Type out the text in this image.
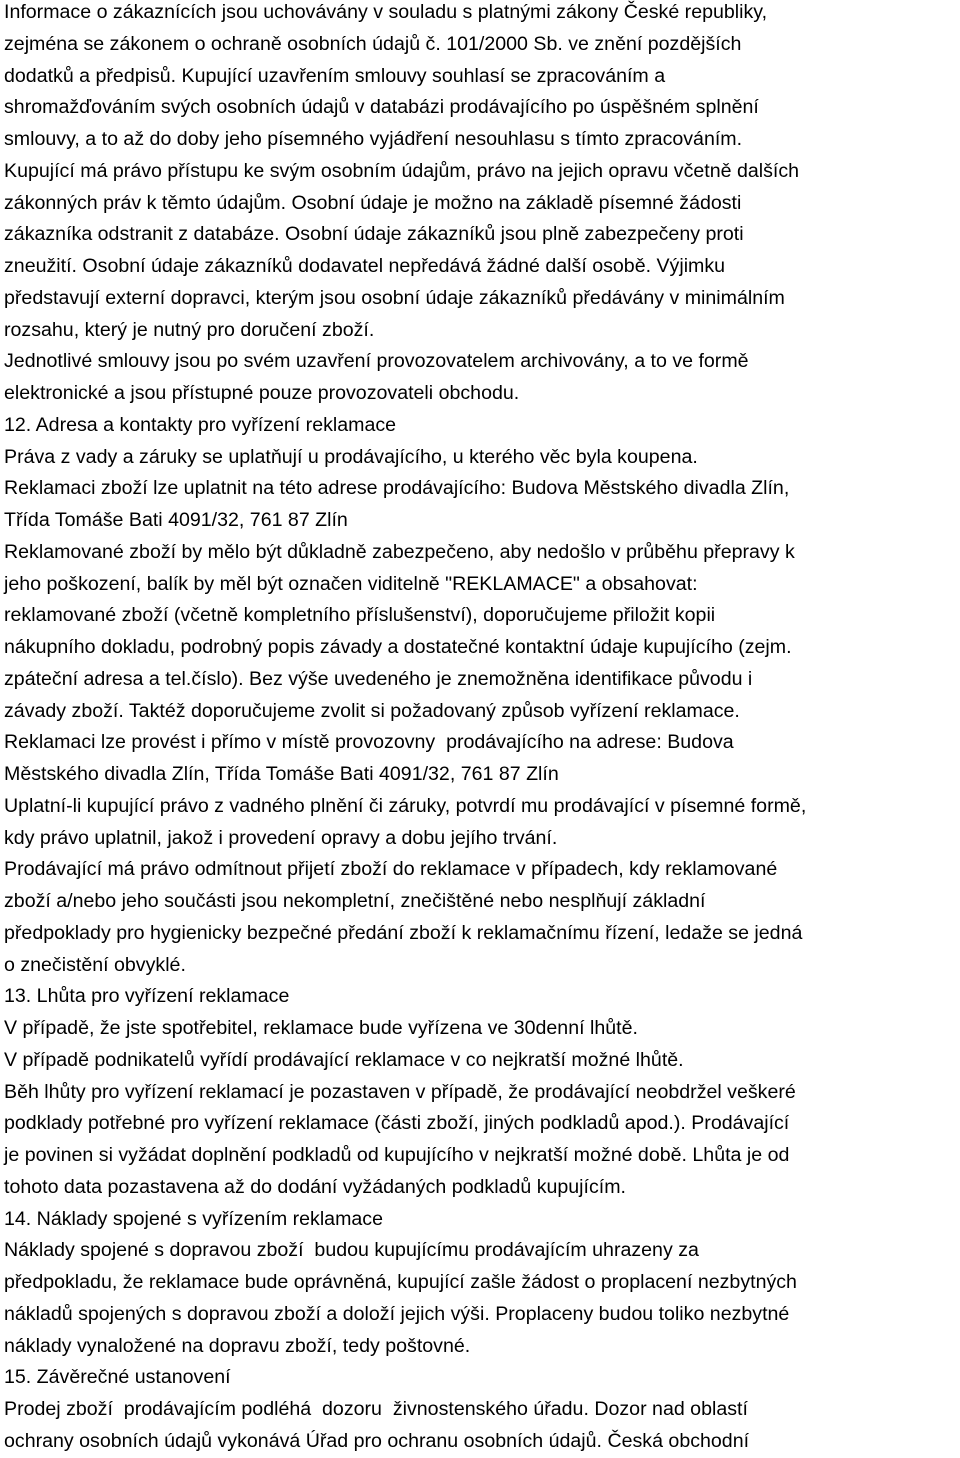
Informace o zákaznících jsou uchovávány v souladu s platnými zákony České republiky,

zejména se zákonem o ochraně osobních údajů č. 101/2000 Sb. ve znění pozdějších

dodatků a předpisů. Kupující uzavřením smlouvy souhlasí se zpracováním a

shromažďováním svých osobních údajů v databázi prodávajícího po úspěšném splnění

smlouvy, a to až do doby jeho písemného vyjádření nesouhlasu s tímto zpracováním.

Kupující má právo přístupu ke svým osobním údajům, právo na jejich opravu včetně dalších

zákonných práv k těmto údajům. Osobní údaje je možno na základě písemné žádosti

zákazníka odstranit z databáze. Osobní údaje zákazníků jsou plně zabezpečeny proti

zneužití. Osobní údaje zákazníků dodavatel nepředává žádné další osobě. Výjimku

představují externí dopravci, kterým jsou osobní údaje zákazníků předávány v minimálním

rozsahu, který je nutný pro doručení zboží.

Jednotlivé smlouvy jsou po svém uzavření provozovatelem archivovány, a to ve formě

elektronické a jsou přístupné pouze provozovateli obchodu.

12. Adresa a kontakty pro vyřízení reklamace

Práva z vady a záruky se uplatňují u prodávajícího, u kterého věc byla koupena.

Reklamaci zboží lze uplatnit na této adrese prodávajícího: Budova Městského divadla Zlín,

Třída Tomáše Bati 4091/32, 761 87 Zlín

Reklamované zboží by mělo být důkladně zabezpečeno, aby nedošlo v průběhu přepravy k

jeho poškození, balík by měl být označen viditelně "REKLAMACE" a obsahovat:

reklamované zboží (včetně kompletního příslušenství), doporučujeme přiložit kopii

nákupního dokladu, podrobný popis závady a dostatečné kontaktní údaje kupujícího (zejm.

zpáteční adresa a tel.číslo). Bez výše uvedeného je znemožněna identifikace původu i

závady zboží. Taktéž doporučujeme zvolit si požadovaný způsob vyřízení reklamace.

Reklamaci lze provést i přímo v místě provozovny  prodávajícího na adrese: Budova

Městského divadla Zlín, Třída Tomáše Bati 4091/32, 761 87 Zlín

Uplatní-li kupující právo z vadného plnění či záruky, potvrdí mu prodávající v písemné formě,

kdy právo uplatnil, jakož i provedení opravy a dobu jejího trvání.

Prodávající má právo odmítnout přijetí zboží do reklamace v případech, kdy reklamované

zboží a/nebo jeho součásti jsou nekompletní, znečištěné nebo nesplňují základní

předpoklady pro hygienicky bezpečné předání zboží k reklamačnímu řízení, ledaže se jedná

o znečistění obvyklé.

13. Lhůta pro vyřízení reklamace

V případě, že jste spotřebitel, reklamace bude vyřízena ve 30denní lhůtě.

V případě podnikatelů vyřídí prodávající reklamace v co nejkratší možné lhůtě.

Běh lhůty pro vyřízení reklamací je pozastaven v případě, že prodávající neobdržel veškeré

podklady potřebné pro vyřízení reklamace (části zboží, jiných podkladů apod.). Prodávající

je povinen si vyžádat doplnění podkladů od kupujícího v nejkratší možné době. Lhůta je od

tohoto data pozastavena až do dodání vyžádaných podkladů kupujícím.

14. Náklady spojené s vyřízením reklamace

Náklady spojené s dopravou zboží  budou kupujícímu prodávajícím uhrazeny za

předpokladu, že reklamace bude oprávněná, kupující zašle žádost o proplacení nezbytných

nákladů spojených s dopravou zboží a doloží jejich výši. Proplaceny budou toliko nezbytné

náklady vynaložené na dopravu zboží, tedy poštovné.

15. Závěrečné ustanovení

Prodej zboží  prodávajícím podléhá  dozoru  živnostenského úřadu. Dozor nad oblastí

ochrany osobních údajů vykonává Úřad pro ochranu osobních údajů. Česká obchodní
